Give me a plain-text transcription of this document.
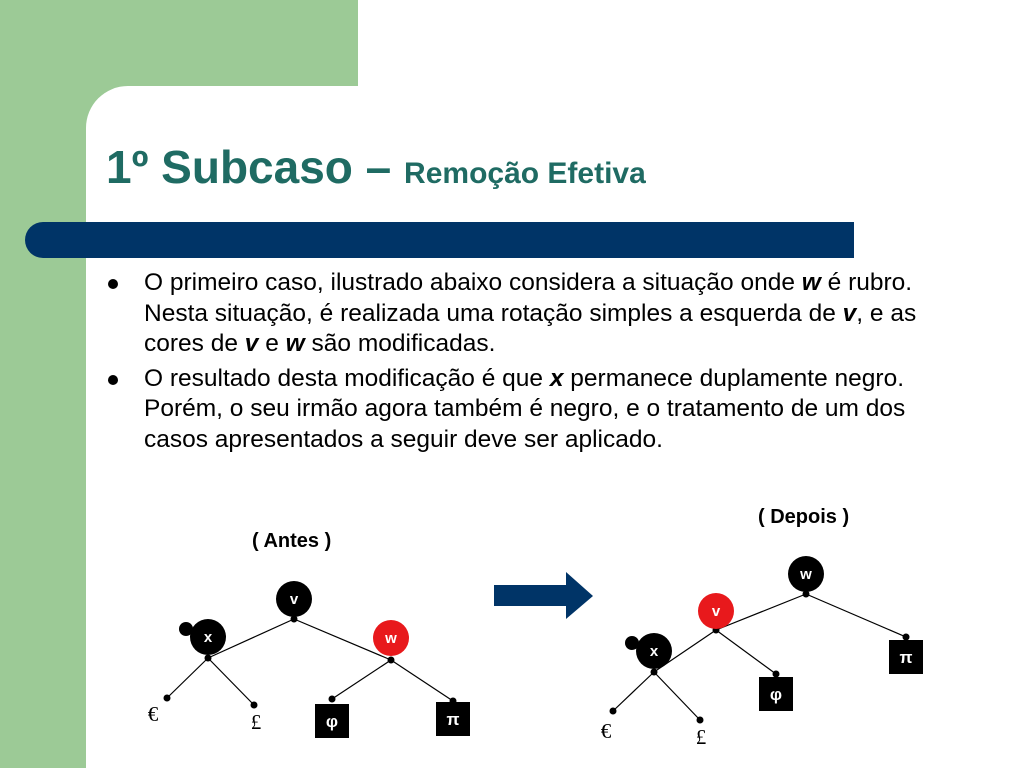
1º Subcaso – Remoção Efetiva
O primeiro caso, ilustrado abaixo considera a situação onde w é rubro. Nesta situação, é realizada uma rotação simples a esquerda de v, e as cores de v e w são modificadas.
O resultado desta modificação é que x permanece duplamente negro. Porém, o seu irmão agora também é negro, e o tratamento de um dos casos apresentados a seguir deve ser aplicado.
( Antes )
( Depois )
v
x	w
φ	π
€	£
w
v
π
x
φ
€	£
